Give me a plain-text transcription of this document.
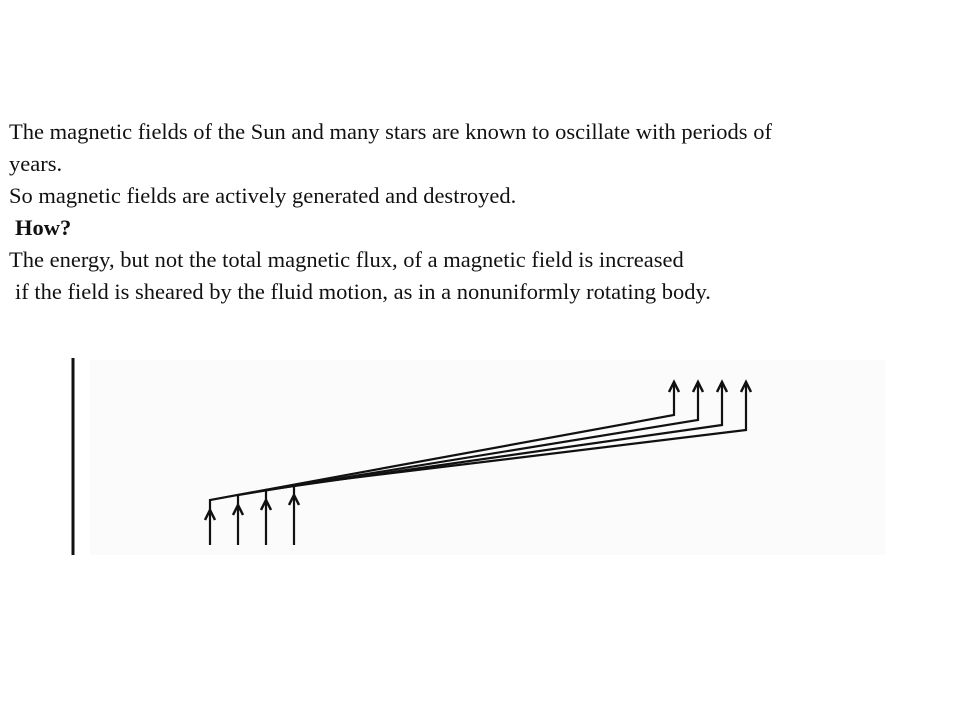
The magnetic fields of the Sun and many stars are known to oscillate with periods of

years.

So magnetic fields are actively generated and destroyed.

How?

The energy, but not the total magnetic flux, of a magnetic field is increased

if the field is sheared by the fluid motion, as in a nonuniformly rotating body.
